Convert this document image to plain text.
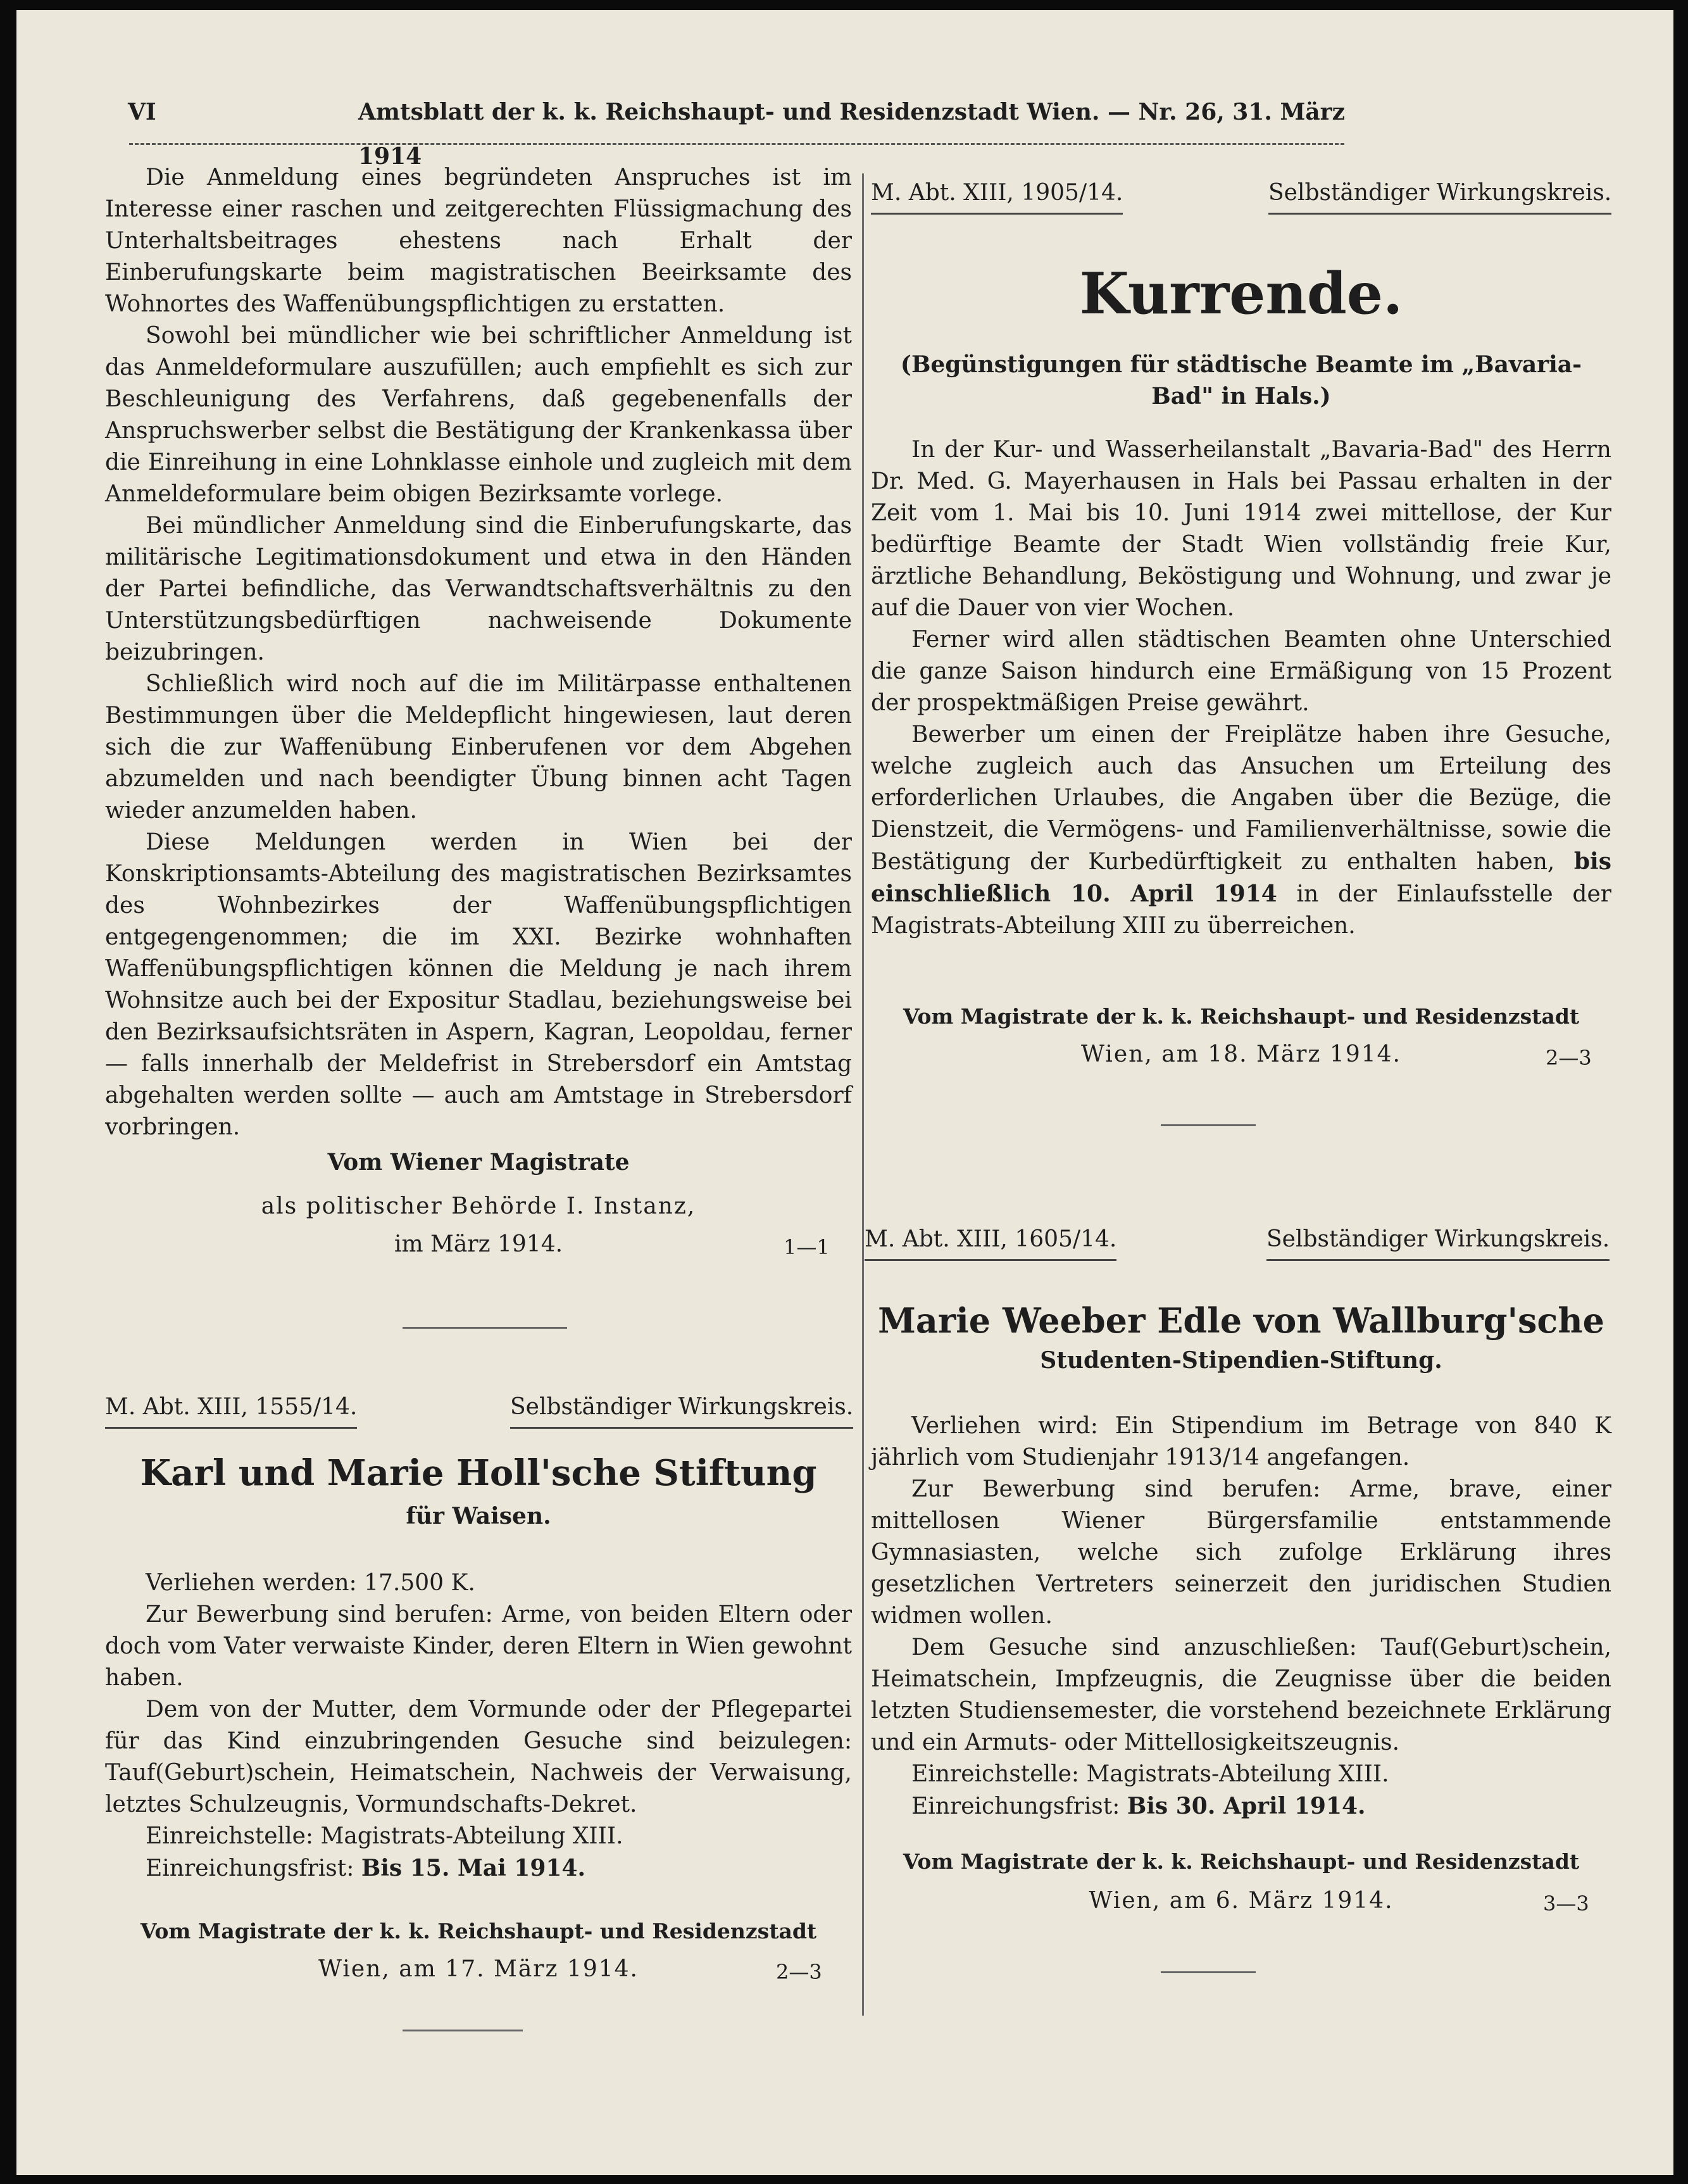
VI	Amtsblatt der k. k. Reichshaupt- und Residenzstadt Wien. — Nr. 26, 31. März 1914

Die Anmeldung eines begründeten Anspruches ist im Interesse einer raschen und zeitgerechten Flüssigmachung des Unterhaltsbeitrages ehestens nach Erhalt der Einberufungskarte beim magistratischen Beeirksamte des Wohnortes des Waffenübungspflichtigen zu erstatten.

Sowohl bei mündlicher wie bei schriftlicher Anmeldung ist das Anmeldeformulare auszufüllen; auch empfiehlt es sich zur Beschleunigung des Verfahrens, daß gegebenenfalls der Anspruchswerber selbst die Bestätigung der Krankenkassa über die Einreihung in eine Lohnklasse einhole und zugleich mit dem Anmeldeformulare beim obigen Bezirksamte vorlege.

Bei mündlicher Anmeldung sind die Einberufungskarte, das militärische Legitimationsdokument und etwa in den Händen der Partei befindliche, das Verwandtschaftsverhältnis zu den Unterstützungsbedürftigen nachweisende Dokumente beizubringen.

Schließlich wird noch auf die im Militärpasse enthaltenen Bestimmungen über die Meldepflicht hingewiesen, laut deren sich die zur Waffenübung Einberufenen vor dem Abgehen abzumelden und nach beendigter Übung binnen acht Tagen wieder anzumelden haben.

Diese Meldungen werden in Wien bei der Konskriptionsamts-Abteilung des magistratischen Bezirksamtes des Wohnbezirkes der Waffenübungspflichtigen entgegengenommen; die im XXI. Bezirke wohnhaften Waffenübungspflichtigen können die Meldung je nach ihrem Wohnsitze auch bei der Expositur Stadlau, beziehungsweise bei den Bezirksaufsichtsräten in Aspern, Kagran, Leopoldau, ferner — falls innerhalb der Meldefrist in Strebersdorf ein Amtstag abgehalten werden sollte — auch am Amtstage in Strebersdorf vorbringen.

Vom Wiener Magistrate
als politischer Behörde I. Instanz,
im März 1914.	1—1
M. Abt. XIII, 1555/14.	Selbständiger Wirkungskreis.
Karl und Marie Holl'sche Stiftung
für Waisen.

Verliehen werden: 17.500 K.

Zur Bewerbung sind berufen: Arme, von beiden Eltern oder doch vom Vater verwaiste Kinder, deren Eltern in Wien gewohnt haben.

Dem von der Mutter, dem Vormunde oder der Pflegepartei für das Kind einzubringenden Gesuche sind beizulegen: Tauf(Geburt)schein, Heimatschein, Nachweis der Verwaisung, letztes Schulzeugnis, Vormundschafts-Dekret.

Einreichstelle: Magistrats-Abteilung XIII.

Einreichungsfrist: Bis 15. Mai 1914.

Vom Magistrate der k. k. Reichshaupt- und Residenzstadt
Wien, am 17. März 1914.	2—3
M. Abt. XIII, 1905/14.	Selbständiger Wirkungskreis.
Kurrende.
(Begünstigungen für städtische Beamte im „Bavaria-Bad" in Hals.)

In der Kur- und Wasserheilanstalt „Bavaria-Bad" des Herrn Dr. Med. G. Mayerhausen in Hals bei Passau erhalten in der Zeit vom 1. Mai bis 10. Juni 1914 zwei mittellose, der Kur bedürftige Beamte der Stadt Wien vollständig freie Kur, ärztliche Behandlung, Beköstigung und Wohnung, und zwar je auf die Dauer von vier Wochen.

Ferner wird allen städtischen Beamten ohne Unterschied die ganze Saison hindurch eine Ermäßigung von 15 Prozent der prospektmäßigen Preise gewährt.

Bewerber um einen der Freiplätze haben ihre Gesuche, welche zugleich auch das Ansuchen um Erteilung des erforderlichen Urlaubes, die Angaben über die Bezüge, die Dienstzeit, die Vermögens- und Familienverhältnisse, sowie die Bestätigung der Kurbedürftigkeit zu enthalten haben, bis einschließlich 10. April 1914 in der Einlaufsstelle der Magistrats-Abteilung XIII zu überreichen.

Vom Magistrate der k. k. Reichshaupt- und Residenzstadt
Wien, am 18. März 1914.	2—3
M. Abt. XIII, 1605/14.	Selbständiger Wirkungskreis.
Marie Weeber Edle von Wallburg'sche
Studenten-Stipendien-Stiftung.

Verliehen wird: Ein Stipendium im Betrage von 840 K jährlich vom Studienjahr 1913/14 angefangen.

Zur Bewerbung sind berufen: Arme, brave, einer mittellosen Wiener Bürgersfamilie entstammende Gymnasiasten, welche sich zufolge Erklärung ihres gesetzlichen Vertreters seinerzeit den juridischen Studien widmen wollen.

Dem Gesuche sind anzuschließen: Tauf(Geburt)schein, Heimatschein, Impfzeugnis, die Zeugnisse über die beiden letzten Studiensemester, die vorstehend bezeichnete Erklärung und ein Armuts- oder Mittellosigkeitszeugnis.

Einreichstelle: Magistrats-Abteilung XIII.

Einreichungsfrist: Bis 30. April 1914.

Vom Magistrate der k. k. Reichshaupt- und Residenzstadt
Wien, am 6. März 1914.	3—3
